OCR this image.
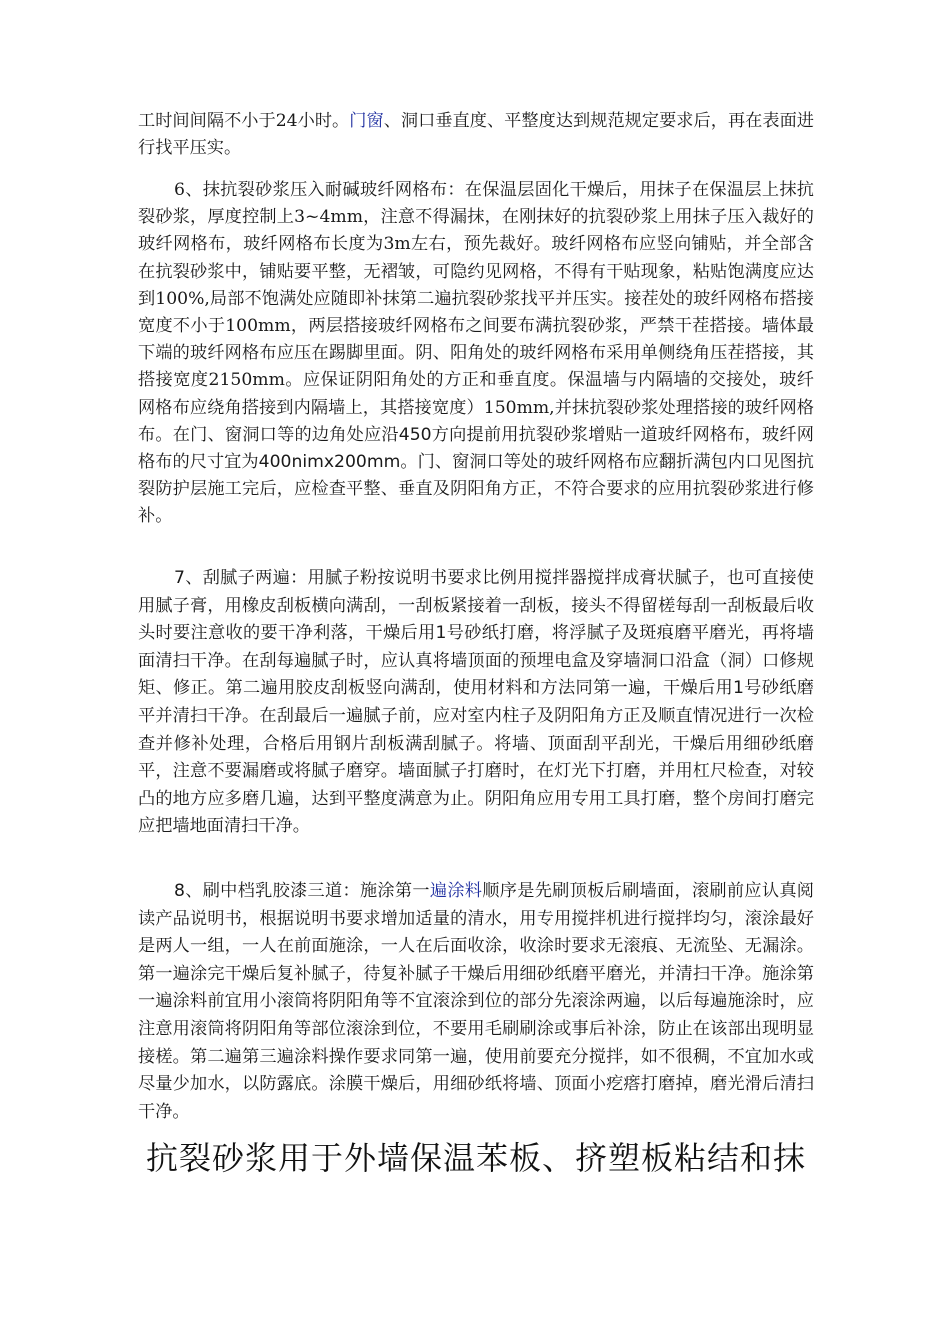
工时间间隔不小于24小时。门窗、洞口垂直度、平整度达到规范规定要求后，再在表面进行找平压实。

6、抹抗裂砂浆压入耐碱玻纤网格布：在保温层固化干燥后，用抹子在保温层上抹抗裂砂浆，厚度控制上3~4mm，注意不得漏抹，在刚抹好的抗裂砂浆上用抹子压入裁好的玻纤网格布，玻纤网格布长度为3m左右，预先裁好。玻纤网格布应竖向铺贴，并全部含在抗裂砂浆中，铺贴要平整，无褶皱，可隐约见网格，不得有干贴现象，粘贴饱满度应达到100%,局部不饱满处应随即补抹第二遍抗裂砂浆找平并压实。接茬处的玻纤网格布搭接宽度不小于100mm，两层搭接玻纤网格布之间要布满抗裂砂浆，严禁干茬搭接。墙体最下端的玻纤网格布应压在踢脚里面。阴、阳角处的玻纤网格布采用单侧绕角压茬搭接，其搭接宽度2150mm。应保证阴阳角处的方正和垂直度。保温墙与内隔墙的交接处，玻纤网格布应绕角搭接到内隔墙上，其搭接宽度）150mm,并抹抗裂砂浆处理搭接的玻纤网格布。在门、窗洞口等的边角处应沿450方向提前用抗裂砂浆增贴一道玻纤网格布，玻纤网格布的尺寸宜为400nimx200mm。门、窗洞口等处的玻纤网格布应翻折满包内口见图抗裂防护层施工完后，应检查平整、垂直及阴阳角方正，不符合要求的应用抗裂砂浆进行修补。

7、刮腻子两遍：用腻子粉按说明书要求比例用搅拌器搅拌成膏状腻子，也可直接使用腻子膏，用橡皮刮板横向满刮，一刮板紧接着一刮板，接头不得留槎每刮一刮板最后收头时要注意收的要干净利落，干燥后用1号砂纸打磨，将浮腻子及斑痕磨平磨光，再将墙面清扫干净。在刮每遍腻子时，应认真将墙顶面的预埋电盒及穿墙洞口沿盒（洞）口修规矩、修正。第二遍用胶皮刮板竖向满刮，使用材料和方法同第一遍，干燥后用1号砂纸磨平并清扫干净。在刮最后一遍腻子前，应对室内柱子及阴阳角方正及顺直情况进行一次检查并修补处理，合格后用钢片刮板满刮腻子。将墙、顶面刮平刮光，干燥后用细砂纸磨平，注意不要漏磨或将腻子磨穿。墙面腻子打磨时，在灯光下打磨，并用杠尺检查，对较凸的地方应多磨几遍，达到平整度满意为止。阴阳角应用专用工具打磨，整个房间打磨完应把墙地面清扫干净。

8、刷中档乳胶漆三道：施涂第一遍涂料顺序是先刷顶板后刷墙面，滚刷前应认真阅读产品说明书，根据说明书要求增加适量的清水，用专用搅拌机进行搅拌均匀，滚涂最好是两人一组，一人在前面施涂，一人在后面收涂，收涂时要求无滚痕、无流坠、无漏涂。第一遍涂完干燥后复补腻子，待复补腻子干燥后用细砂纸磨平磨光，并清扫干净。施涂第一遍涂料前宜用小滚筒将阴阳角等不宜滚涂到位的部分先滚涂两遍，以后每遍施涂时，应注意用滚筒将阴阳角等部位滚涂到位，不要用毛刷刷涂或事后补涂，防止在该部出现明显接槎。第二遍第三遍涂料操作要求同第一遍，使用前要充分搅拌，如不很稠，不宜加水或尽量少加水，以防露底。涂膜干燥后，用细砂纸将墙、顶面小疙瘩打磨掉，磨光滑后清扫干净。

抗裂砂浆用于外墙保温苯板、挤塑板粘结和抹
